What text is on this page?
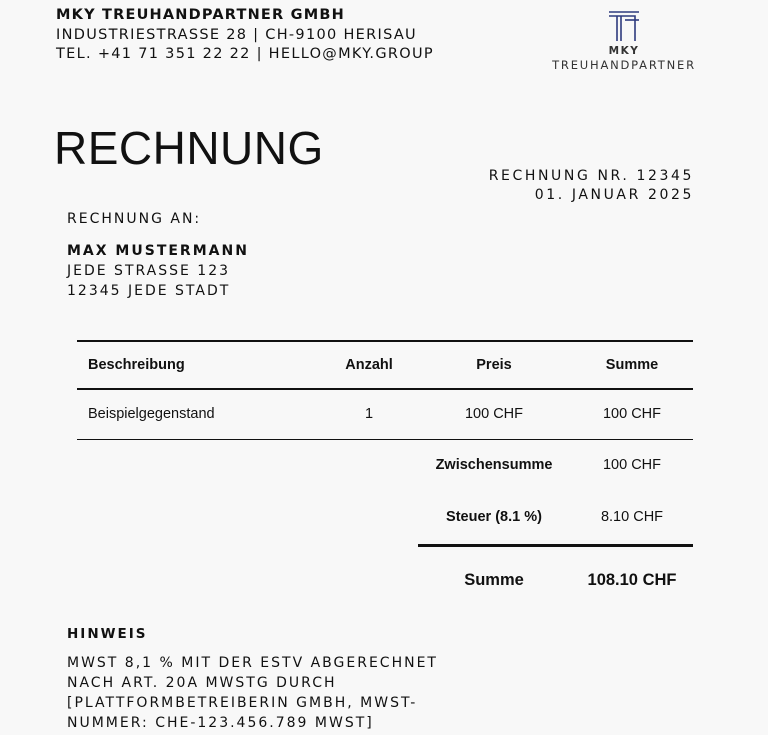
MKY TREUHANDPARTNER GMBH
INDUSTRIESTRASSE 28 | CH-9100 HERISAU
TEL. +41 71 351 22 22 | HELLO@MKY.GROUP	MKY
TREUHANDPARTNER
RECHNUNG
RECHNUNG NR. 12345
01. JANUAR 2025
RECHNUNG AN:
MAX MUSTERMANN
JEDE STRASSE 123
12345 JEDE STADT
Beschreibung	Anzahl	Preis	Summe
Beispielgegenstand	1	100 CHF	100 CHF
Zwischensumme	100 CHF
Steuer (8.1 %)	8.10 CHF
Summe	108.10 CHF
HINWEIS
MWST 8,1 % MIT DER ESTV ABGERECHNET NACH ART. 20A MWSTG DURCH [PLATTFORMBETREIBERIN GMBH, MWST-NUMMER: CHE-123.456.789 MWST]
